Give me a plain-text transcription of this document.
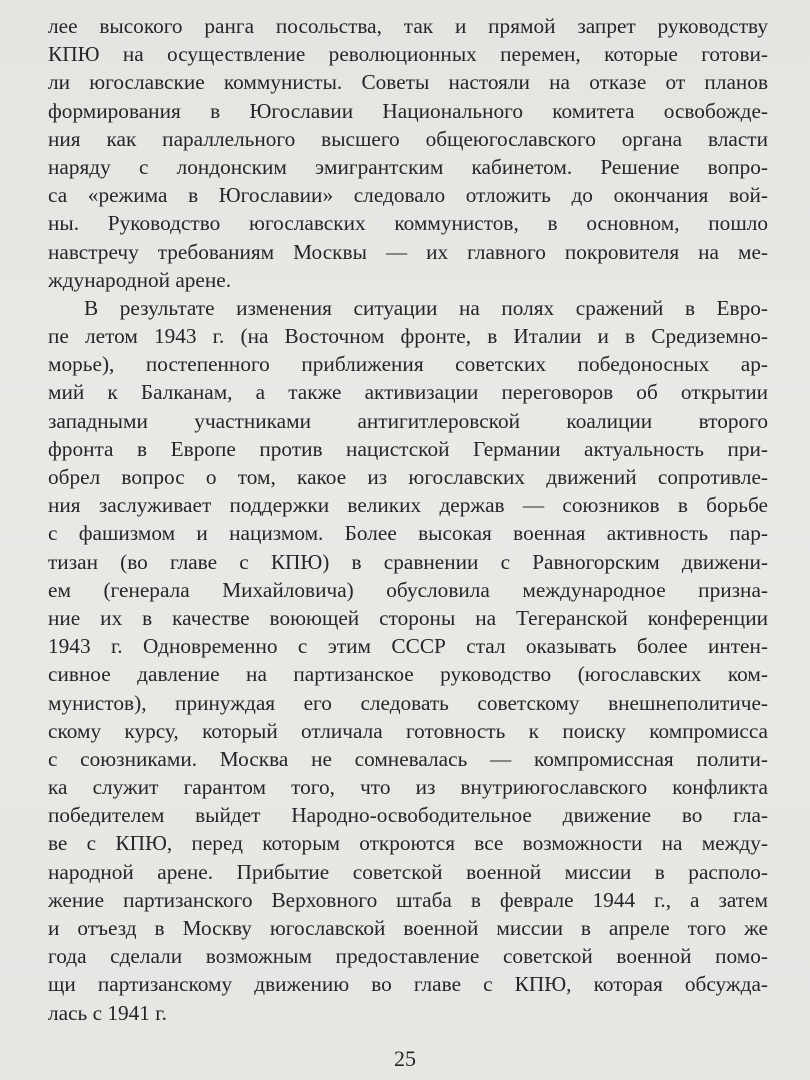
лее высокого ранга посольства, так и прямой запрет руководству
КПЮ на осуществление революционных перемен, которые готови-
ли югославские коммунисты. Советы настояли на отказе от планов
формирования в Югославии Национального комитета освобожде-
ния как параллельного высшего общеюгославского органа власти
наряду с лондонским эмигрантским кабинетом. Решение вопро-
са «режима в Югославии» следовало отложить до окончания вой-
ны. Руководство югославских коммунистов, в основном, пошло
навстречу требованиям Москвы — их главного покровителя на ме-
ждународной арене.
В результате изменения ситуации на полях сражений в Евро-
пе летом 1943 г. (на Восточном фронте, в Италии и в Средиземно-
морье), постепенного приближения советских победоносных ар-
мий к Балканам, а также активизации переговоров об открытии
западными участниками антигитлеровской коалиции второго
фронта в Европе против нацистской Германии актуальность при-
обрел вопрос о том, какое из югославских движений сопротивле-
ния заслуживает поддержки великих держав — союзников в борьбе
с фашизмом и нацизмом. Более высокая военная активность пар-
тизан (во главе с КПЮ) в сравнении с Равногорским движени-
ем (генерала Михайловича) обусловила международное призна-
ние их в качестве воюющей стороны на Тегеранской конференции
1943 г. Одновременно с этим СССР стал оказывать более интен-
сивное давление на партизанское руководство (югославских ком-
мунистов), принуждая его следовать советскому внешнеполитиче-
скому курсу, который отличала готовность к поиску компромисса
с союзниками. Москва не сомневалась — компромиссная полити-
ка служит гарантом того, что из внутриюгославского конфликта
победителем выйдет Народно-освободительное движение во гла-
ве с КПЮ, перед которым откроются все возможности на между-
народной арене. Прибытие советской военной миссии в располо-
жение партизанского Верховного штаба в феврале 1944 г., а затем
и отъезд в Москву югославской военной миссии в апреле того же
года сделали возможным предоставление советской военной помо-
щи партизанскому движению во главе с КПЮ, которая обсужда-
лась с 1941 г.
25
